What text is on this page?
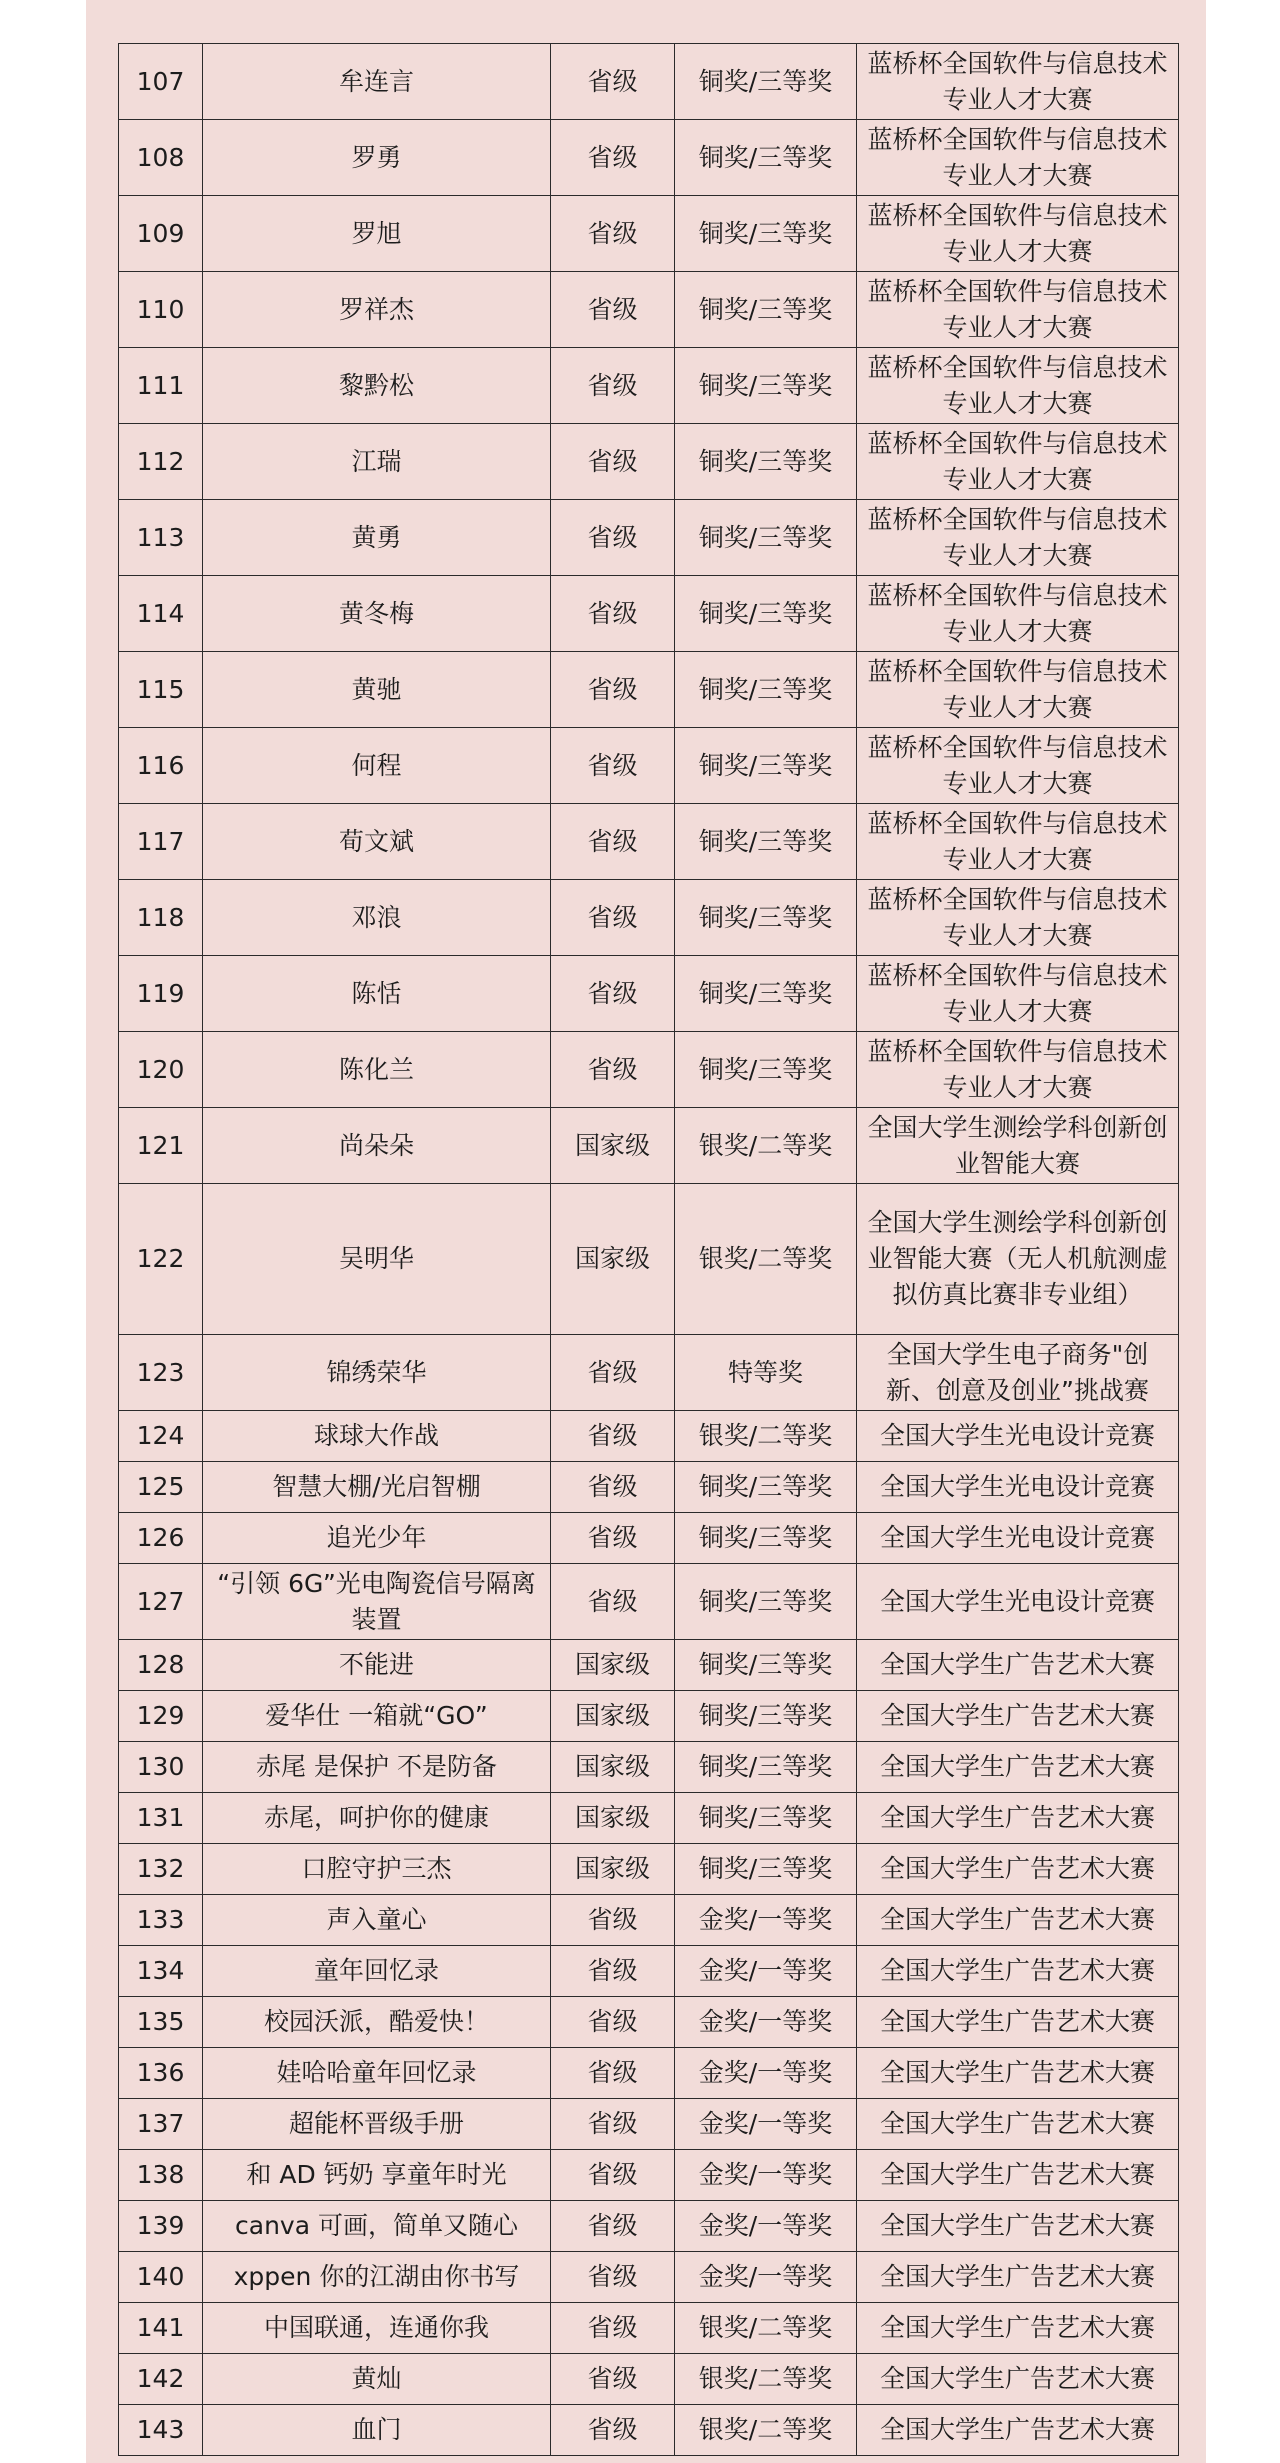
107	牟连言	省级	铜奖/三等奖	蓝桥杯全国软件与信息技术专业人才大赛
108	罗勇	省级	铜奖/三等奖	蓝桥杯全国软件与信息技术专业人才大赛
109	罗旭	省级	铜奖/三等奖	蓝桥杯全国软件与信息技术专业人才大赛
110	罗祥杰	省级	铜奖/三等奖	蓝桥杯全国软件与信息技术专业人才大赛
111	黎黔松	省级	铜奖/三等奖	蓝桥杯全国软件与信息技术专业人才大赛
112	江瑞	省级	铜奖/三等奖	蓝桥杯全国软件与信息技术专业人才大赛
113	黄勇	省级	铜奖/三等奖	蓝桥杯全国软件与信息技术专业人才大赛
114	黄冬梅	省级	铜奖/三等奖	蓝桥杯全国软件与信息技术专业人才大赛
115	黄驰	省级	铜奖/三等奖	蓝桥杯全国软件与信息技术专业人才大赛
116	何程	省级	铜奖/三等奖	蓝桥杯全国软件与信息技术专业人才大赛
117	荀文斌	省级	铜奖/三等奖	蓝桥杯全国软件与信息技术专业人才大赛
118	邓浪	省级	铜奖/三等奖	蓝桥杯全国软件与信息技术专业人才大赛
119	陈恬	省级	铜奖/三等奖	蓝桥杯全国软件与信息技术专业人才大赛
120	陈化兰	省级	铜奖/三等奖	蓝桥杯全国软件与信息技术专业人才大赛
121	尚朵朵	国家级	银奖/二等奖	全国大学生测绘学科创新创业智能大赛
122	吴明华	国家级	银奖/二等奖	全国大学生测绘学科创新创业智能大赛（无人机航测虚拟仿真比赛非专业组）
123	锦绣荣华	省级	特等奖	全国大学生电子商务"创新、创意及创业”挑战赛
124	球球大作战	省级	银奖/二等奖	全国大学生光电设计竞赛
125	智慧大棚/光启智棚	省级	铜奖/三等奖	全国大学生光电设计竞赛
126	追光少年	省级	铜奖/三等奖	全国大学生光电设计竞赛
127	“引领 6G”光电陶瓷信号隔离装置	省级	铜奖/三等奖	全国大学生光电设计竞赛
128	不能进	国家级	铜奖/三等奖	全国大学生广告艺术大赛
129	爱华仕 一箱就“GO”	国家级	铜奖/三等奖	全国大学生广告艺术大赛
130	赤尾 是保护 不是防备	国家级	铜奖/三等奖	全国大学生广告艺术大赛
131	赤尾，呵护你的健康	国家级	铜奖/三等奖	全国大学生广告艺术大赛
132	口腔守护三杰	国家级	铜奖/三等奖	全国大学生广告艺术大赛
133	声入童心	省级	金奖/一等奖	全国大学生广告艺术大赛
134	童年回忆录	省级	金奖/一等奖	全国大学生广告艺术大赛
135	校园沃派，酷爱快！	省级	金奖/一等奖	全国大学生广告艺术大赛
136	娃哈哈童年回忆录	省级	金奖/一等奖	全国大学生广告艺术大赛
137	超能杯晋级手册	省级	金奖/一等奖	全国大学生广告艺术大赛
138	和 AD 钙奶 享童年时光	省级	金奖/一等奖	全国大学生广告艺术大赛
139	canva 可画，简单又随心	省级	金奖/一等奖	全国大学生广告艺术大赛
140	xppen 你的江湖由你书写	省级	金奖/一等奖	全国大学生广告艺术大赛
141	中国联通，连通你我	省级	银奖/二等奖	全国大学生广告艺术大赛
142	黄灿	省级	银奖/二等奖	全国大学生广告艺术大赛
143	血门	省级	银奖/二等奖	全国大学生广告艺术大赛
